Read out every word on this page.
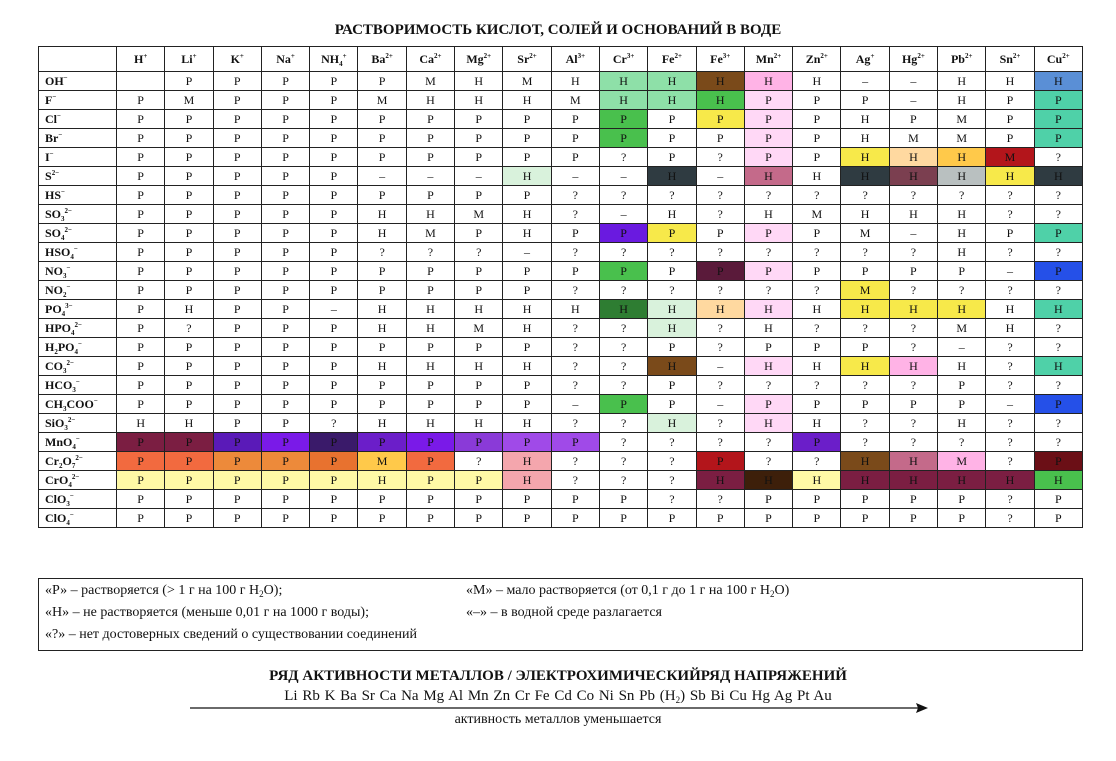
РАСТВОРИМОСТЬ КИСЛОТ, СОЛЕЙ И ОСНОВАНИЙ В ВОДЕ
	H+	Li+	K+	Na+	$NH_4^+$	$Ba^{2+}$	$Ca^{2+}$	$Mg^{2+}$	$Sr^{2+}$	$Al^{3+}$	$Cr^{3+}$	$Fe^{2+}$	$Fe^{3+}$	$Mn^{2+}$	$Zn^{2+}$	Ag+	$Hg^{2+}$	$Pb^{2+}$	$Sn^{2+}$	$Cu^{2+}$
OH−		Р	Р	Р	Р	Р	М	Н	М	Н	Н	Н	Н	Н	Н	–	–	Н	Н	Н
F−	Р	М	Р	Р	Р	М	Н	Н	Н	М	Н	Н	Н	Р	Р	Р	–	Н	Р	Р
Cl−	Р	Р	Р	Р	Р	Р	Р	Р	Р	Р	Р	Р	Р	Р	Р	Н	Р	М	Р	Р
Br−	Р	Р	Р	Р	Р	Р	Р	Р	Р	Р	Р	Р	Р	Р	Р	Н	М	М	Р	Р
I−	Р	Р	Р	Р	Р	Р	Р	Р	Р	Р	?	Р	?	Р	Р	Н	Н	Н	М	?
$S^{2-}$	Р	Р	Р	Р	Р	–	–	–	Н	–	–	Н	–	Н	Н	Н	Н	Н	Н	Н
HS−	Р	Р	Р	Р	Р	Р	Р	Р	Р	?	?	?	?	?	?	?	?	?	?	?
$SO_3^{2-}$	Р	Р	Р	Р	Р	Н	Н	М	Н	?	–	Н	?	Н	М	Н	Н	Н	?	?
$SO_4^{2-}$	Р	Р	Р	Р	Р	Н	М	Р	Н	Р	Р	Р	Р	Р	Р	М	–	Н	Р	Р
$HSO_4^-$	Р	Р	Р	Р	Р	?	?	?	–	?	?	?	?	?	?	?	?	Н	?	?
$NO_3^-$	Р	Р	Р	Р	Р	Р	Р	Р	Р	Р	Р	Р	Р	Р	Р	Р	Р	Р	–	Р
$NO_2^-$	Р	Р	Р	Р	Р	Р	Р	Р	Р	?	?	?	?	?	?	М	?	?	?	?
$PO_4^{3-}$	Р	Н	Р	Р	–	Н	Н	Н	Н	Н	Н	Н	Н	Н	Н	Н	Н	Н	Н	Н
$HPO_4^{2-}$	Р	?	Р	Р	Р	Н	Н	М	Н	?	?	Н	?	Н	?	?	?	М	Н	?
$H_2PO_4^-$	Р	Р	Р	Р	Р	Р	Р	Р	Р	?	?	Р	?	Р	Р	Р	?	–	?	?
$CO_3^{2-}$	Р	Р	Р	Р	Р	Н	Н	Н	Н	?	?	Н	–	Н	Н	Н	Н	Н	?	Н
$HCO_3^-$	Р	Р	Р	Р	Р	Р	Р	Р	Р	?	?	Р	?	?	?	?	?	Р	?	?
$CH_3COO^-$	Р	Р	Р	Р	Р	Р	Р	Р	Р	–	Р	Р	–	Р	Р	Р	Р	Р	–	Р
SiO$_3^{2-}$	Н	Н	Р	Р	?	Н	Н	Н	Н	?	?	Н	?	Н	Н	?	?	Н	?	?
MnO$_4$−	Р	Р	Р	Р	Р	Р	Р	Р	Р	Р	?	?	?	?	Р	?	?	?	?	?
$Cr_2O_7^{2-}$	Р	Р	Р	Р	Р	М	Р	?	Н	?	?	?	Р	?	?	Н	Н	М	?	Р
CrO$_4^{2-}$	Р	Р	Р	Р	Р	Н	Р	Р	Н	?	?	?	Н	Н	Н	Н	Н	Н	Н	Н
ClO$_3$−	Р	Р	Р	Р	Р	Р	Р	Р	Р	Р	Р	?	?	Р	Р	Р	Р	Р	?	Р
ClO$_4$−	Р	Р	Р	Р	Р	Р	Р	Р	Р	Р	Р	Р	Р	Р	Р	Р	Р	Р	?	Р
«Р» – растворяется (> 1 г на 100 г $H_2O$);	«М» – мало растворяется (от 0,1 г до 1 г на 100 г $H_2O$)
«Н» – не растворяется (меньше 0,01 г на 1000 г воды);	«–» – в водной среде разлагается
«?» – нет достоверных сведений о существовании соединений
РЯД АКТИВНОСТИ МЕТАЛЛОВ / ЭЛЕКТРОХИМИЧЕСКИЙРЯД НАПРЯЖЕНИЙ
Li Rb K Ba Sr Ca Na Mg Al Mn Zn Cr Fe Cd Co Ni Sn Pb $(H_2)$ Sb Bi Cu Hg Ag Pt Au
активность металлов уменьшается
